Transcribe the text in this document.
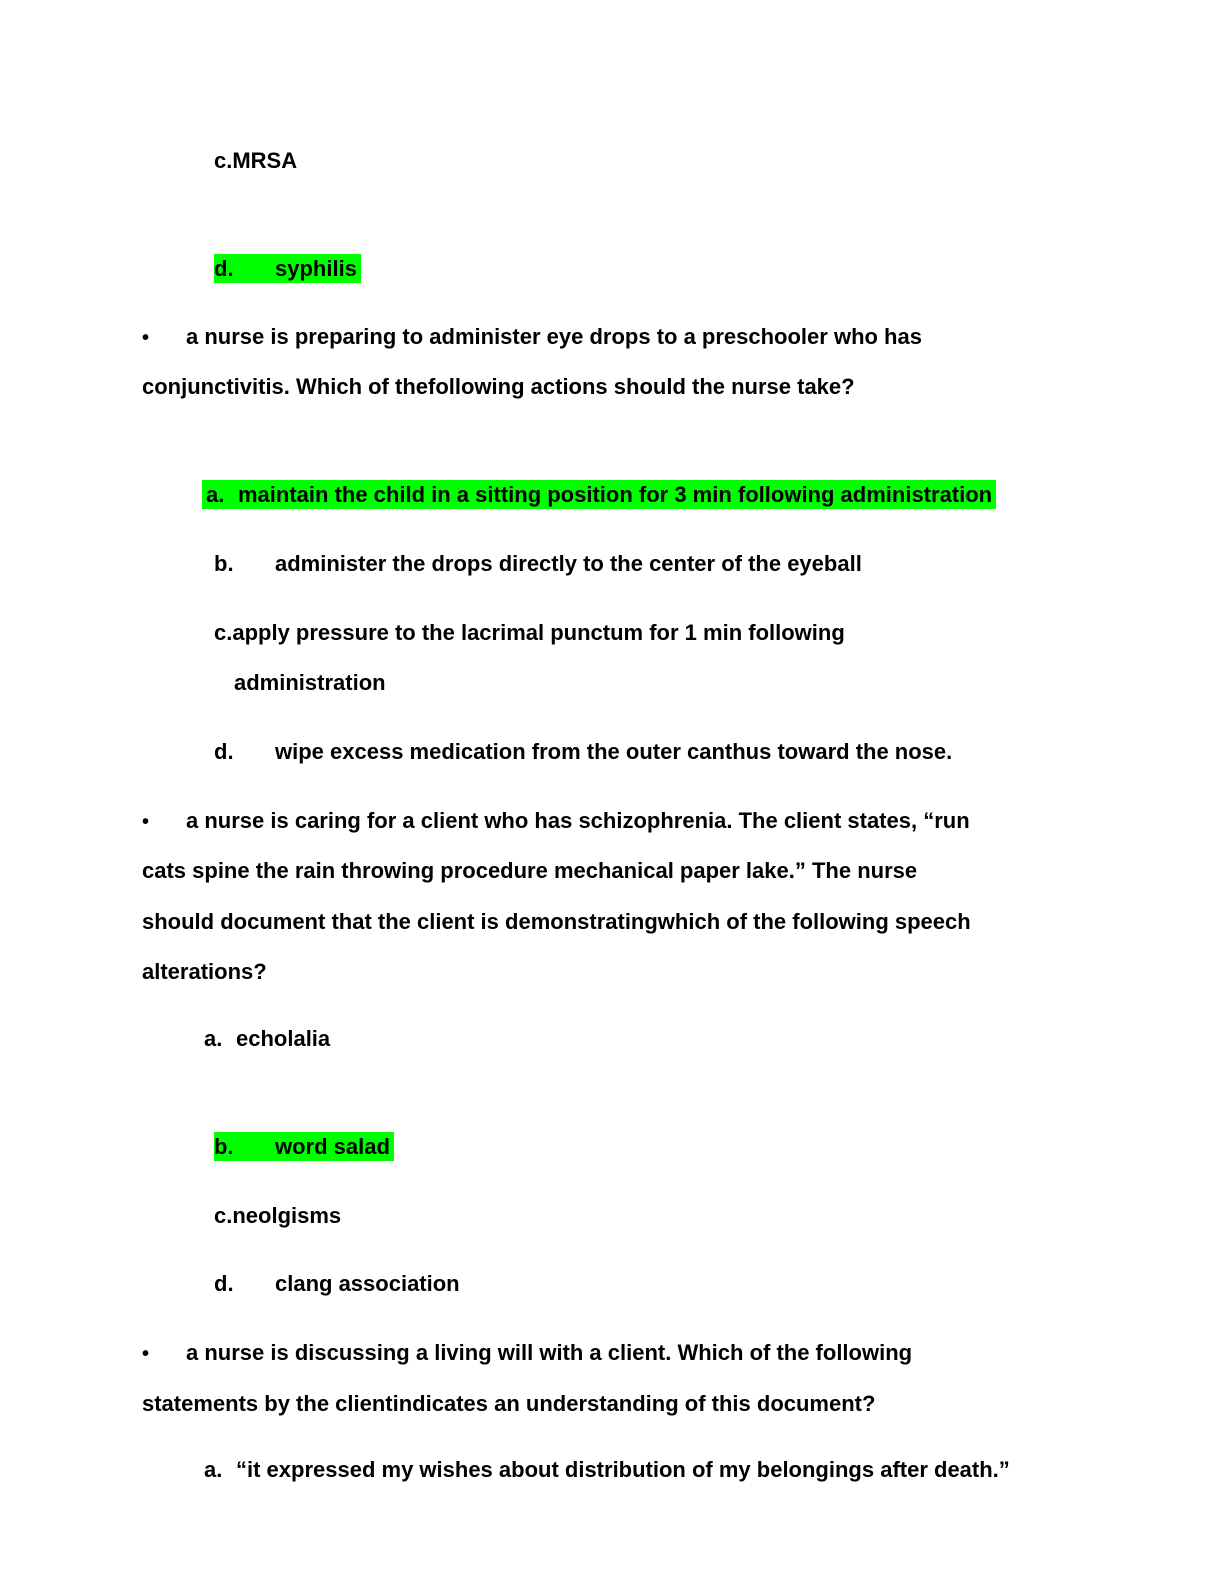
c.MRSA
d. syphilis
• a nurse is preparing to administer eye drops to a preschooler who has
conjunctivitis. Which of thefollowing actions should the nurse take?
a. maintain the child in a sitting position for 3 min following administration
b. administer the drops directly to the center of the eyeball
c.apply pressure to the lacrimal punctum for 1 min following
administration
d. wipe excess medication from the outer canthus toward the nose.
• a nurse is caring for a client who has schizophrenia. The client states, “run
cats spine the rain throwing procedure mechanical paper lake.” The nurse
should document that the client is demonstratingwhich of the following speech
alterations?
a. echolalia
b. word salad
c.neolgisms
d. clang association
• a nurse is discussing a living will with a client. Which of the following
statements by the clientindicates an understanding of this document?
a. “it expressed my wishes about distribution of my belongings after death.”
